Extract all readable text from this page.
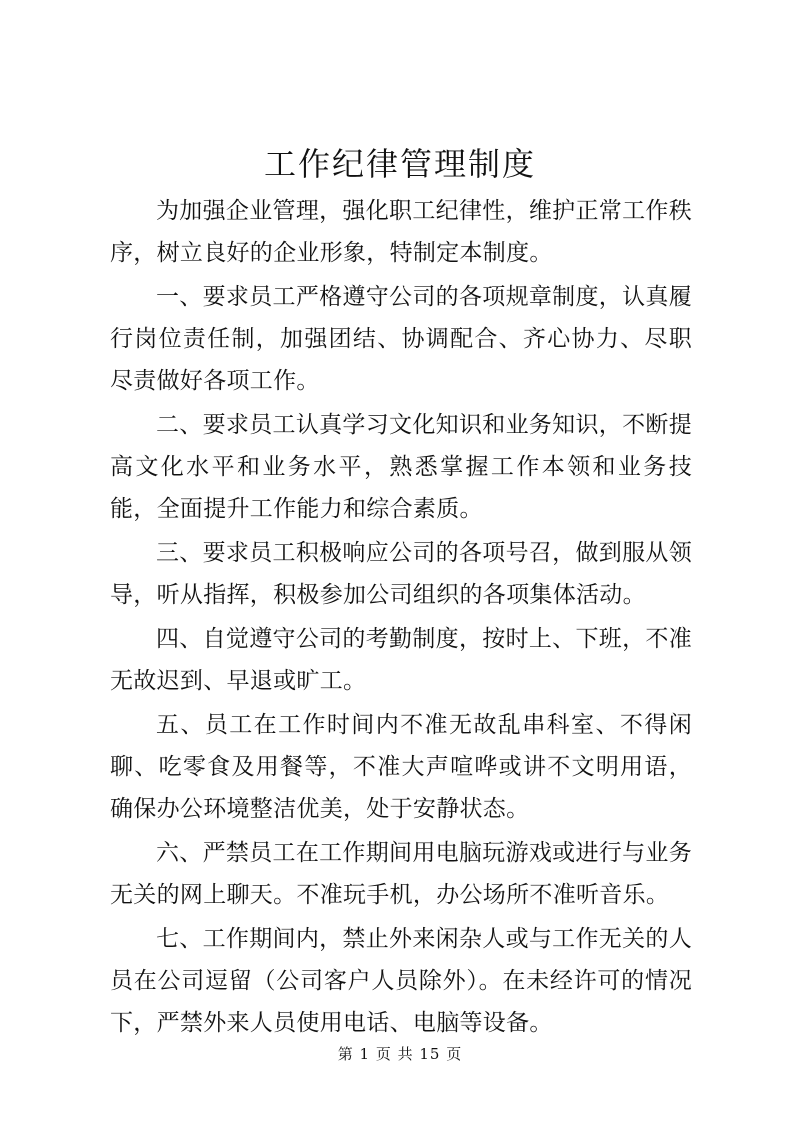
工作纪律管理制度

为加强企业管理，强化职工纪律性，维护正常工作秩序，树立良好的企业形象，特制定本制度。

一、要求员工严格遵守公司的各项规章制度，认真履行岗位责任制，加强团结、协调配合、齐心协力、尽职尽责做好各项工作。

二、要求员工认真学习文化知识和业务知识，不断提高文化水平和业务水平，熟悉掌握工作本领和业务技能，全面提升工作能力和综合素质。

三、要求员工积极响应公司的各项号召，做到服从领导，听从指挥，积极参加公司组织的各项集体活动。

四、自觉遵守公司的考勤制度，按时上、下班，不准无故迟到、早退或旷工。

五、员工在工作时间内不准无故乱串科室、不得闲聊、吃零食及用餐等，不准大声喧哗或讲不文明用语，确保办公环境整洁优美，处于安静状态。

六、严禁员工在工作期间用电脑玩游戏或进行与业务无关的网上聊天。不准玩手机，办公场所不准听音乐。

七、工作期间内，禁止外来闲杂人或与工作无关的人员在公司逗留（公司客户人员除外）。在未经许可的情况下，严禁外来人员使用电话、电脑等设备。

第 1 页 共 15 页
